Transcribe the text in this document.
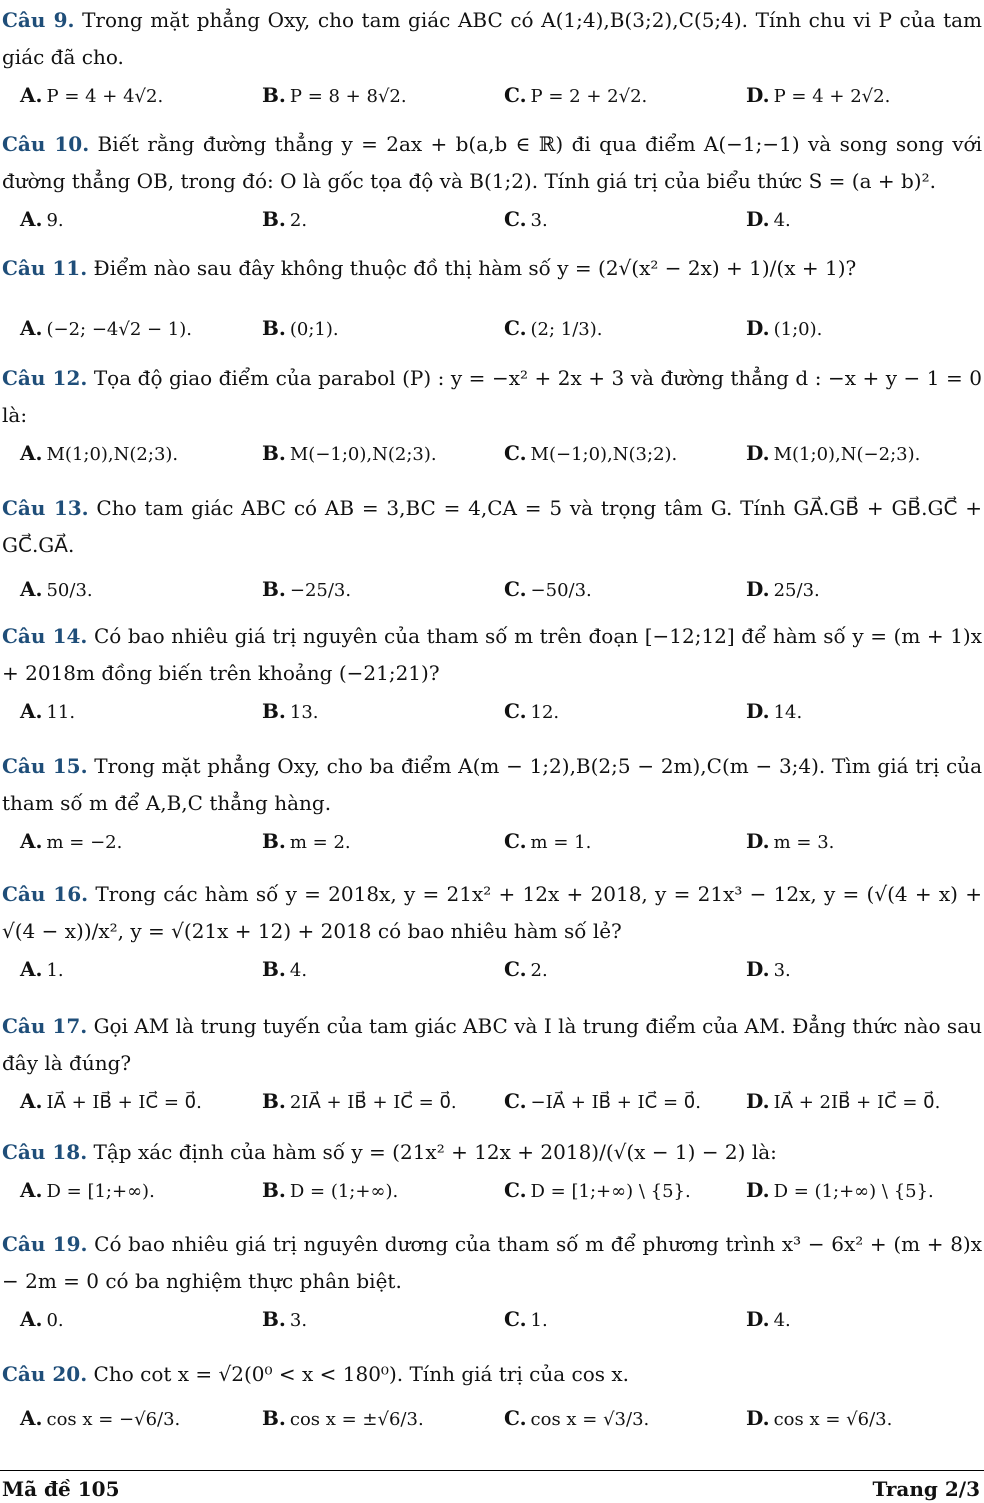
Câu 9. Trong mặt phẳng Oxy, cho tam giác ABC có A(1;4),B(3;2),C(5;4). Tính chu vi P của tam giác đã cho.
A. P = 4 + 4√2.	B. P = 8 + 8√2.	C. P = 2 + 2√2.	D. P = 4 + 2√2.
Câu 10. Biết rằng đường thẳng y = 2ax + b(a,b ∈ ℝ) đi qua điểm A(−1;−1) và song song với đường thẳng OB, trong đó: O là gốc tọa độ và B(1;2). Tính giá trị của biểu thức S = (a + b)².
A. 9.	B. 2.	C. 3.	D. 4.
Câu 11. Điểm nào sau đây không thuộc đồ thị hàm số y = (2√(x² − 2x) + 1)/(x + 1)?
A. (−2; −4√2 − 1).	B. (0;1).	C. (2; 1/3).	D. (1;0).
Câu 12. Tọa độ giao điểm của parabol (P) : y = −x² + 2x + 3 và đường thẳng d : −x + y − 1 = 0 là:
A. M(1;0),N(2;3).	B. M(−1;0),N(2;3).	C. M(−1;0),N(3;2).	D. M(1;0),N(−2;3).
Câu 13. Cho tam giác ABC có AB = 3,BC = 4,CA = 5 và trọng tâm G. Tính GA⃗.GB⃗ + GB⃗.GC⃗ + GC⃗.GA⃗.
A. 50/3.	B. −25/3.	C. −50/3.	D. 25/3.
Câu 14. Có bao nhiêu giá trị nguyên của tham số m trên đoạn [−12;12] để hàm số y = (m + 1)x + 2018m đồng biến trên khoảng (−21;21)?
A. 11.	B. 13.	C. 12.	D. 14.
Câu 15. Trong mặt phẳng Oxy, cho ba điểm A(m − 1;2),B(2;5 − 2m),C(m − 3;4). Tìm giá trị của tham số m để A,B,C thẳng hàng.
A. m = −2.	B. m = 2.	C. m = 1.	D. m = 3.
Câu 16. Trong các hàm số y = 2018x, y = 21x² + 12x + 2018, y = 21x³ − 12x, y = (√(4 + x) + √(4 − x))/x², y = √(21x + 12) + 2018 có bao nhiêu hàm số lẻ?
A. 1.	B. 4.	C. 2.	D. 3.
Câu 17. Gọi AM là trung tuyến của tam giác ABC và I là trung điểm của AM. Đẳng thức nào sau đây là đúng?
A. IA⃗ + IB⃗ + IC⃗ = 0⃗.	B. 2IA⃗ + IB⃗ + IC⃗ = 0⃗. C. −IA⃗ + IB⃗ + IC⃗ = 0⃗. D. IA⃗ + 2IB⃗ + IC⃗ = 0⃗.
Câu 18. Tập xác định của hàm số y = (21x² + 12x + 2018)/(√(x − 1) − 2) là:
A. D = [1;+∞).	B. D = (1;+∞).	C. D = [1;+∞) \ {5}.	D. D = (1;+∞) \ {5}.
Câu 19. Có bao nhiêu giá trị nguyên dương của tham số m để phương trình x³ − 6x² + (m + 8)x − 2m = 0 có ba nghiệm thực phân biệt.
A. 0.	B. 3.	C. 1.	D. 4.
Câu 20. Cho cot x = √2(0⁰ < x < 180⁰). Tính giá trị của cos x.
A. cos x = −√6/3.	B. cos x = ±√6/3.	C. cos x = √3/3.	D. cos x = √6/3.
Mã đề 105	Trang 2/3
